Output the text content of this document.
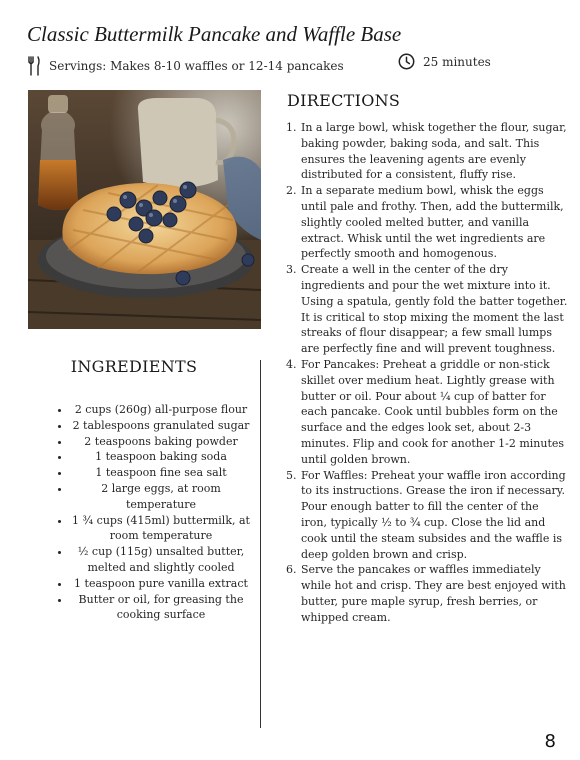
Classic Buttermilk Pancake and Waffle Base
Servings: Makes 8-10 waffles or 12-14 pancakes	25 minutes
DIRECTIONS
1. In a large bowl, whisk together the flour, sugar, baking powder, baking soda, and salt. This ensures the leavening agents are evenly distributed for a consistent, fluffy rise.
2. In a separate medium bowl, whisk the eggs until pale and frothy. Then, add the buttermilk, slightly cooled melted butter, and vanilla extract. Whisk until the wet ingredients are perfectly smooth and homogenous.
3. Create a well in the center of the dry ingredients and pour the wet mixture into it. Using a spatula, gently fold the batter together. It is critical to stop mixing the moment the last streaks of flour disappear; a few small lumps are perfectly fine and will prevent toughness.
4. For Pancakes: Preheat a griddle or non-stick skillet over medium heat. Lightly grease with butter or oil. Pour about ¼ cup of batter for each pancake. Cook until bubbles form on the surface and the edges look set, about 2-3 minutes. Flip and cook for another 1-2 minutes until golden brown.
5. For Waffles: Preheat your waffle iron according to its instructions. Grease the iron if necessary. Pour enough batter to fill the center of the iron, typically ½ to ¾ cup. Close the lid and cook until the steam subsides and the waffle is deep golden brown and crisp.
6. Serve the pancakes or waffles immediately while hot and crisp. They are best enjoyed with butter, pure maple syrup, fresh berries, or whipped cream.
INGREDIENTS
• 2 cups (260g) all-purpose flour
• 2 tablespoons granulated sugar
• 2 teaspoons baking powder
• 1 teaspoon baking soda
• 1 teaspoon fine sea salt
• 2 large eggs, at room temperature
• 1 ¾ cups (415ml) buttermilk, at room temperature
• ½ cup (115g) unsalted butter, melted and slightly cooled
• 1 teaspoon pure vanilla extract
• Butter or oil, for greasing the cooking surface
8
